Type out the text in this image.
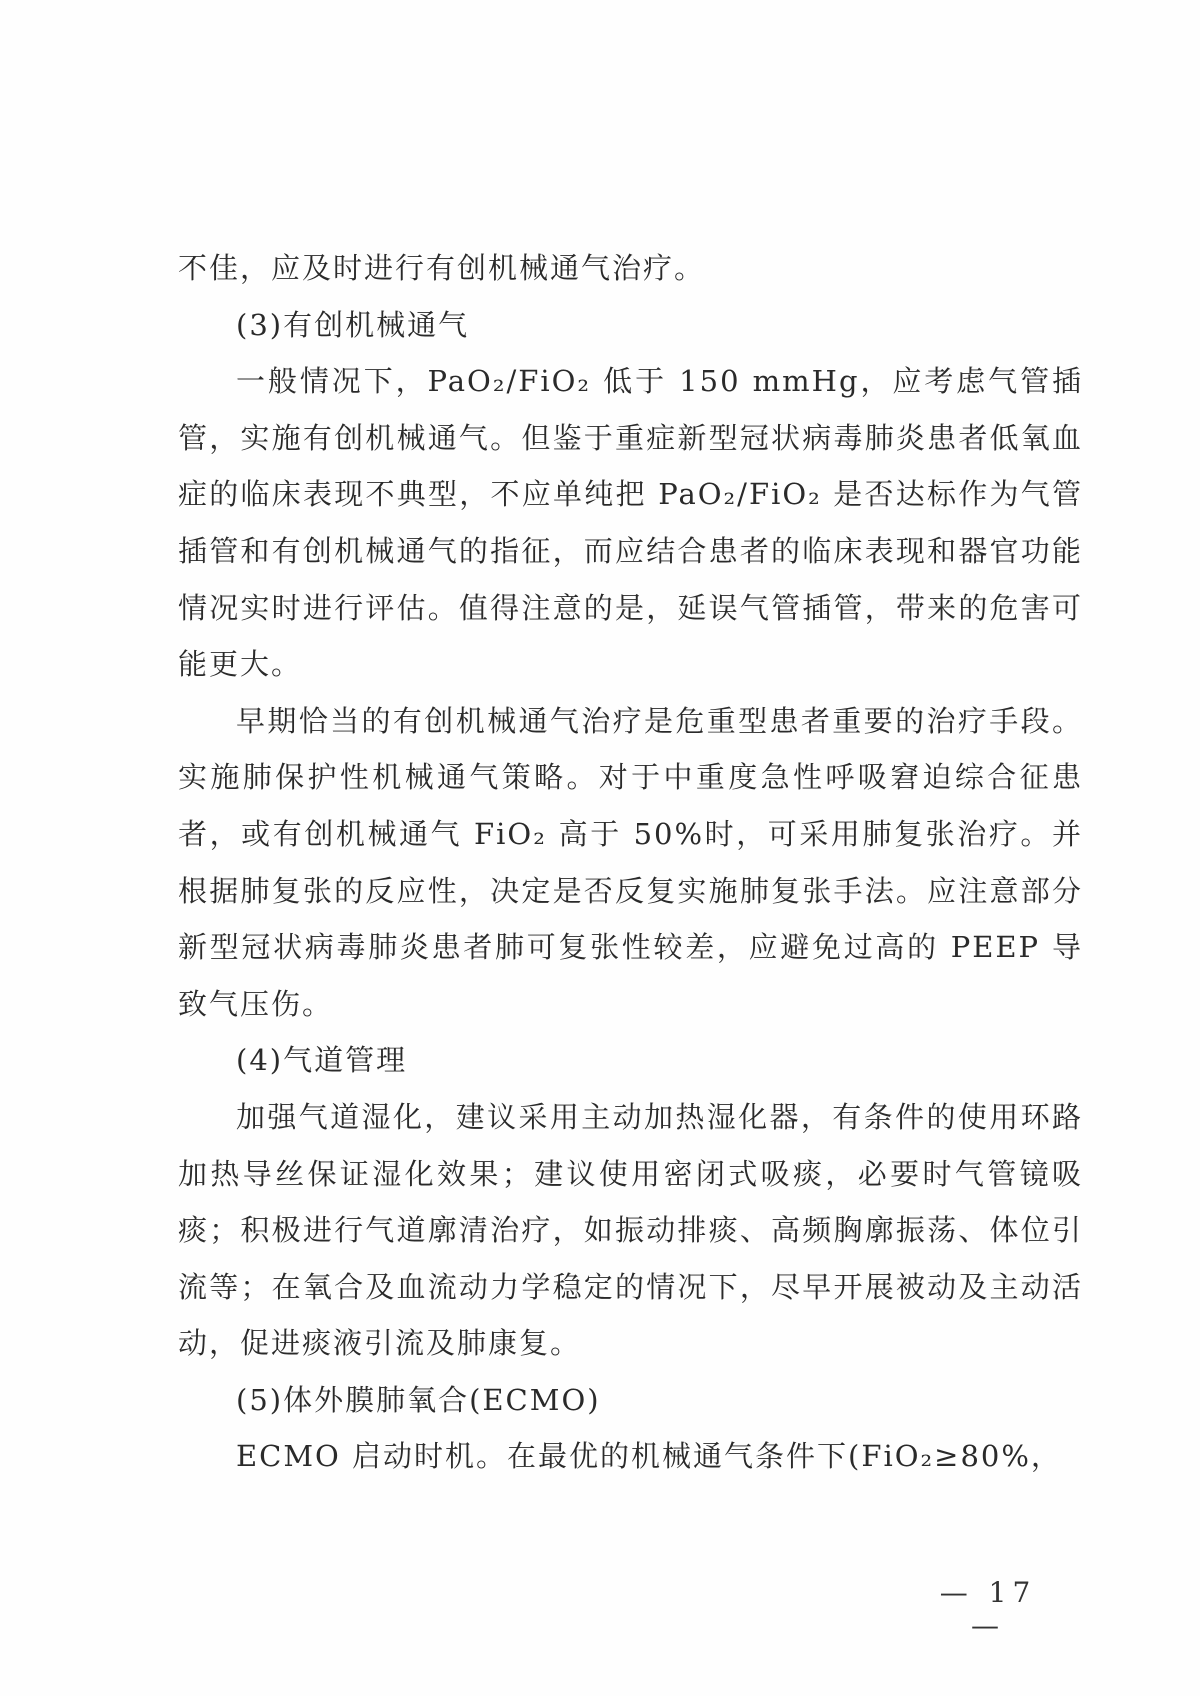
不佳，应及时进行有创机械通气治疗。

(3)有创机械通气

一般情况下，PaO₂/FiO₂ 低于 150 mmHg，应考虑气管插管，实施有创机械通气。但鉴于重症新型冠状病毒肺炎患者低氧血症的临床表现不典型，不应单纯把 PaO₂/FiO₂ 是否达标作为气管插管和有创机械通气的指征，而应结合患者的临床表现和器官功能情况实时进行评估。值得注意的是，延误气管插管，带来的危害可能更大。

早期恰当的有创机械通气治疗是危重型患者重要的治疗手段。实施肺保护性机械通气策略。对于中重度急性呼吸窘迫综合征患者，或有创机械通气 FiO₂ 高于 50%时，可采用肺复张治疗。并根据肺复张的反应性，决定是否反复实施肺复张手法。应注意部分新型冠状病毒肺炎患者肺可复张性较差，应避免过高的 PEEP 导致气压伤。

(4)气道管理

加强气道湿化，建议采用主动加热湿化器，有条件的使用环路加热导丝保证湿化效果；建议使用密闭式吸痰，必要时气管镜吸痰；积极进行气道廓清治疗，如振动排痰、高频胸廓振荡、体位引流等；在氧合及血流动力学稳定的情况下，尽早开展被动及主动活动，促进痰液引流及肺康复。

(5)体外膜肺氧合(ECMO)

ECMO 启动时机。在最优的机械通气条件下(FiO₂≥80%，

— 17 —
